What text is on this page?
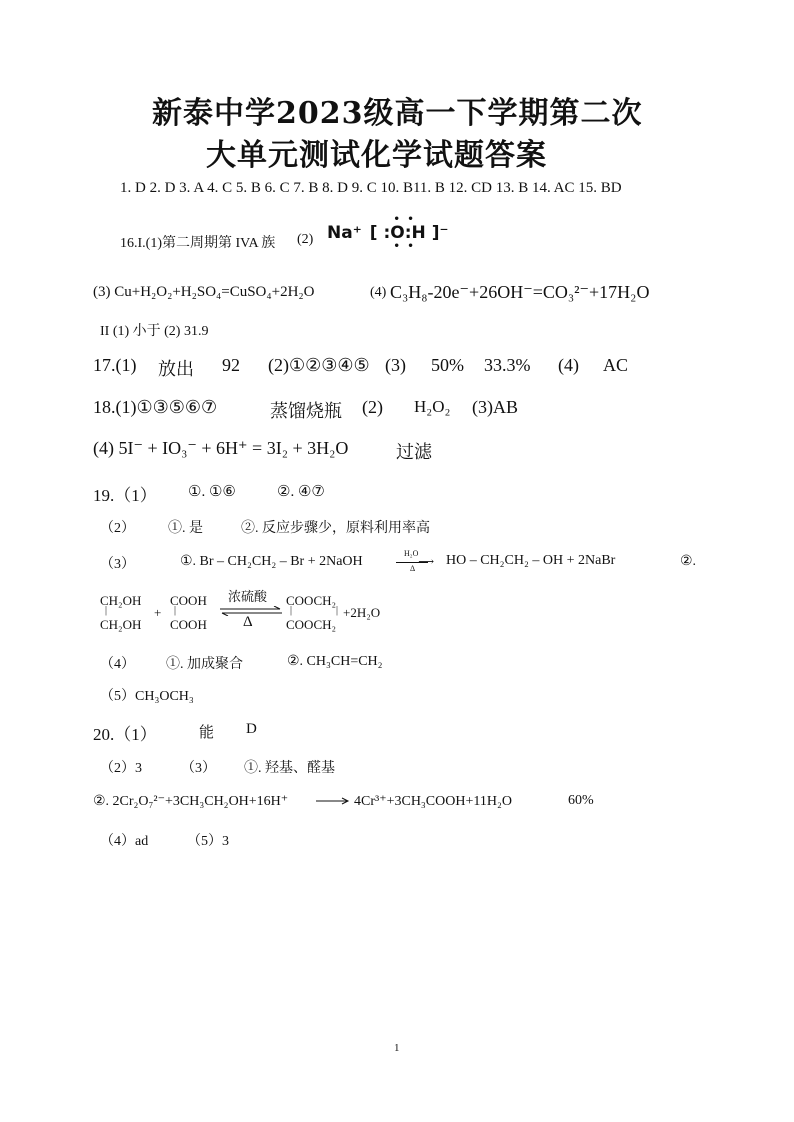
新泰中学2023级高一下学期第二次
大单元测试化学试题答案
1. D 2. D 3. A 4. C 5. B 6. C 7. B 8. D 9. C 10. B11. B 12. CD 13. B 14. AC 15. BD
16.I.(1)第二周期第 IVA 族 (2) Na⁺ [
• •
:O:H
• •
]⁻
(3) Cu+H₂O₂+H₂SO₄=CuSO₄+2H₂O	(4) C₃H₈-20e⁻+26OH⁻=CO₃²⁻+17H₂O
II (1) 小于 (2) 31.9
17.(1) 放出 92 (2)①②③④⑤ (3) 50% 33.3% (4) AC
18.(1)①③⑤⑥⑦	蒸馏烧瓶 (2) H₂O₂ (3)AB
(4) 5I⁻ + IO₃⁻ + 6H⁺ = 3I₂ + 3H₂O	过滤
19.（1） ①. ①⑥	②. ④⑦
（2） ①. 是	②. 反应步骤少，原料利用率高
（3）	①. Br – CH₂CH₂ – Br + 2NaOH
H₂O
⟶
Δ
HO – CH₂CH₂ – OH + 2NaBr	②.
CH₂OH
|
CH₂OH
+
COOH
|
COOH
浓硫酸
Δ
COOCH₂
|	|
COOCH₂
+2H₂O
（4） ①. 加成聚合	②. CH₃CH=CH₂
（5）CH₃OCH₃
20.（1）	能 D
（2）3	（3） ①. 羟基、醛基
②. 2Cr₂O₇²⁻+3CH₃CH₂OH+16H⁺	4Cr³⁺+3CH₃COOH+11H₂O	60%
（4）ad	（5）3
1
